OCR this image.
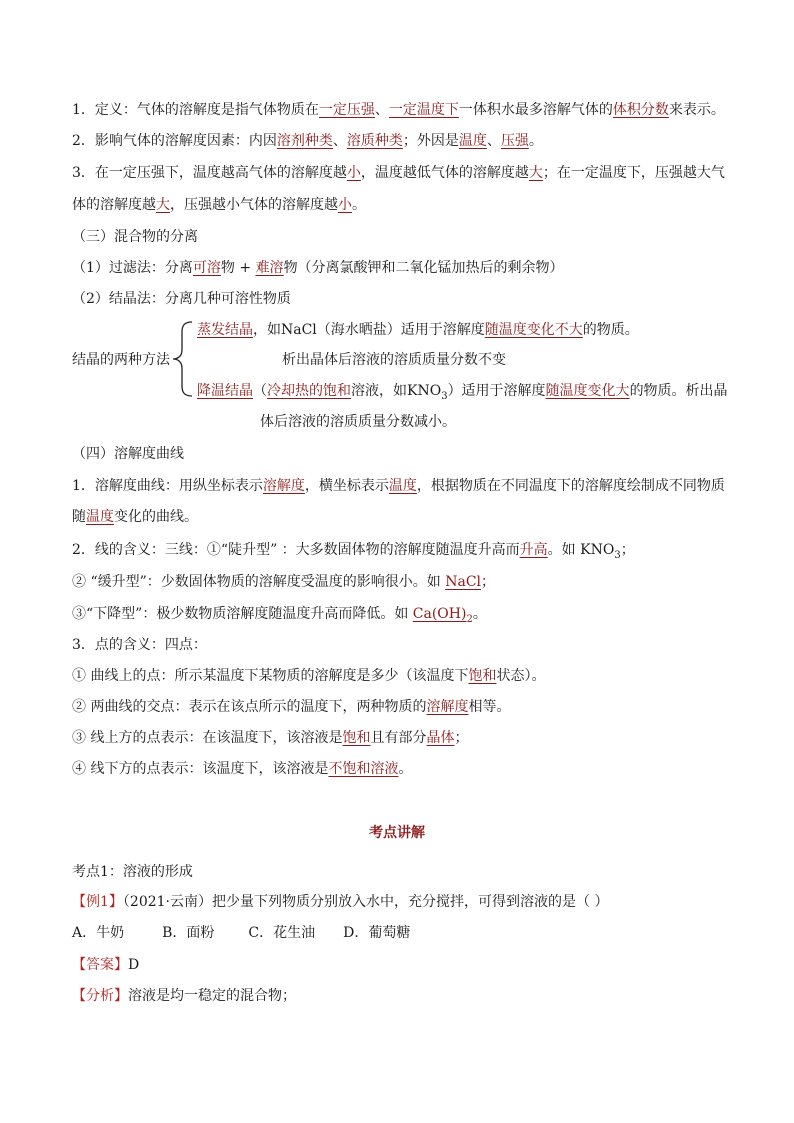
1．定义：气体的溶解度是指气体物质在一定压强、一定温度下一体积水最多溶解气体的体积分数来表示。
2．影响气体的溶解度因素：内因溶剂种类、溶质种类；外因是温度、压强。
3．在一定压强下，温度越高气体的溶解度越小，温度越低气体的溶解度越大；在一定温度下，压强越大气
体的溶解度越大，压强越小气体的溶解度越小。
（三）混合物的分离
（1）过滤法：分离可溶物 + 难溶物（分离氯酸钾和二氧化锰加热后的剩余物）
（2）结晶法：分离几种可溶性物质
蒸发结晶，如NaCl（海水晒盐）适用于溶解度随温度变化不大的物质。
结晶的两种方法	析出晶体后溶液的溶质质量分数不变
降温结晶（冷却热的饱和溶液，如$KNO_3$）适用于溶解度随温度变化大的物质。析出晶
体后溶液的溶质质量分数减小。
（四）溶解度曲线
1．溶解度曲线：用纵坐标表示溶解度，横坐标表示温度，根据物质在不同温度下的溶解度绘制成不同物质
随温度变化的曲线。
2．线的含义：三线：①“陡升型” ：大多数固体物的溶解度随温度升高而升高。如 $KNO_3$；
② “缓升型”：少数固体物质的溶解度受温度的影响很小。如 NaCl；
③“下降型”：极少数物质溶解度随温度升高而降低。如 $Ca(OH)_2$。
3．点的含义：四点：
① 曲线上的点：所示某温度下某物质的溶解度是多少（该温度下饱和状态）。
② 两曲线的交点：表示在该点所示的温度下，两种物质的溶解度相等。
③ 线上方的点表示：在该温度下，该溶液是饱和且有部分晶体；
④ 线下方的点表示：该温度下，该溶液是不饱和溶液。
考点讲解
考点1：溶液的形成
【例1】（2021·云南）把少量下列物质分别放入水中，充分搅拌，可得到溶液的是（ ）
A．牛奶	B．面粉 C．花生油 D．葡萄糖
【答案】D
【分析】溶液是均一稳定的混合物；
